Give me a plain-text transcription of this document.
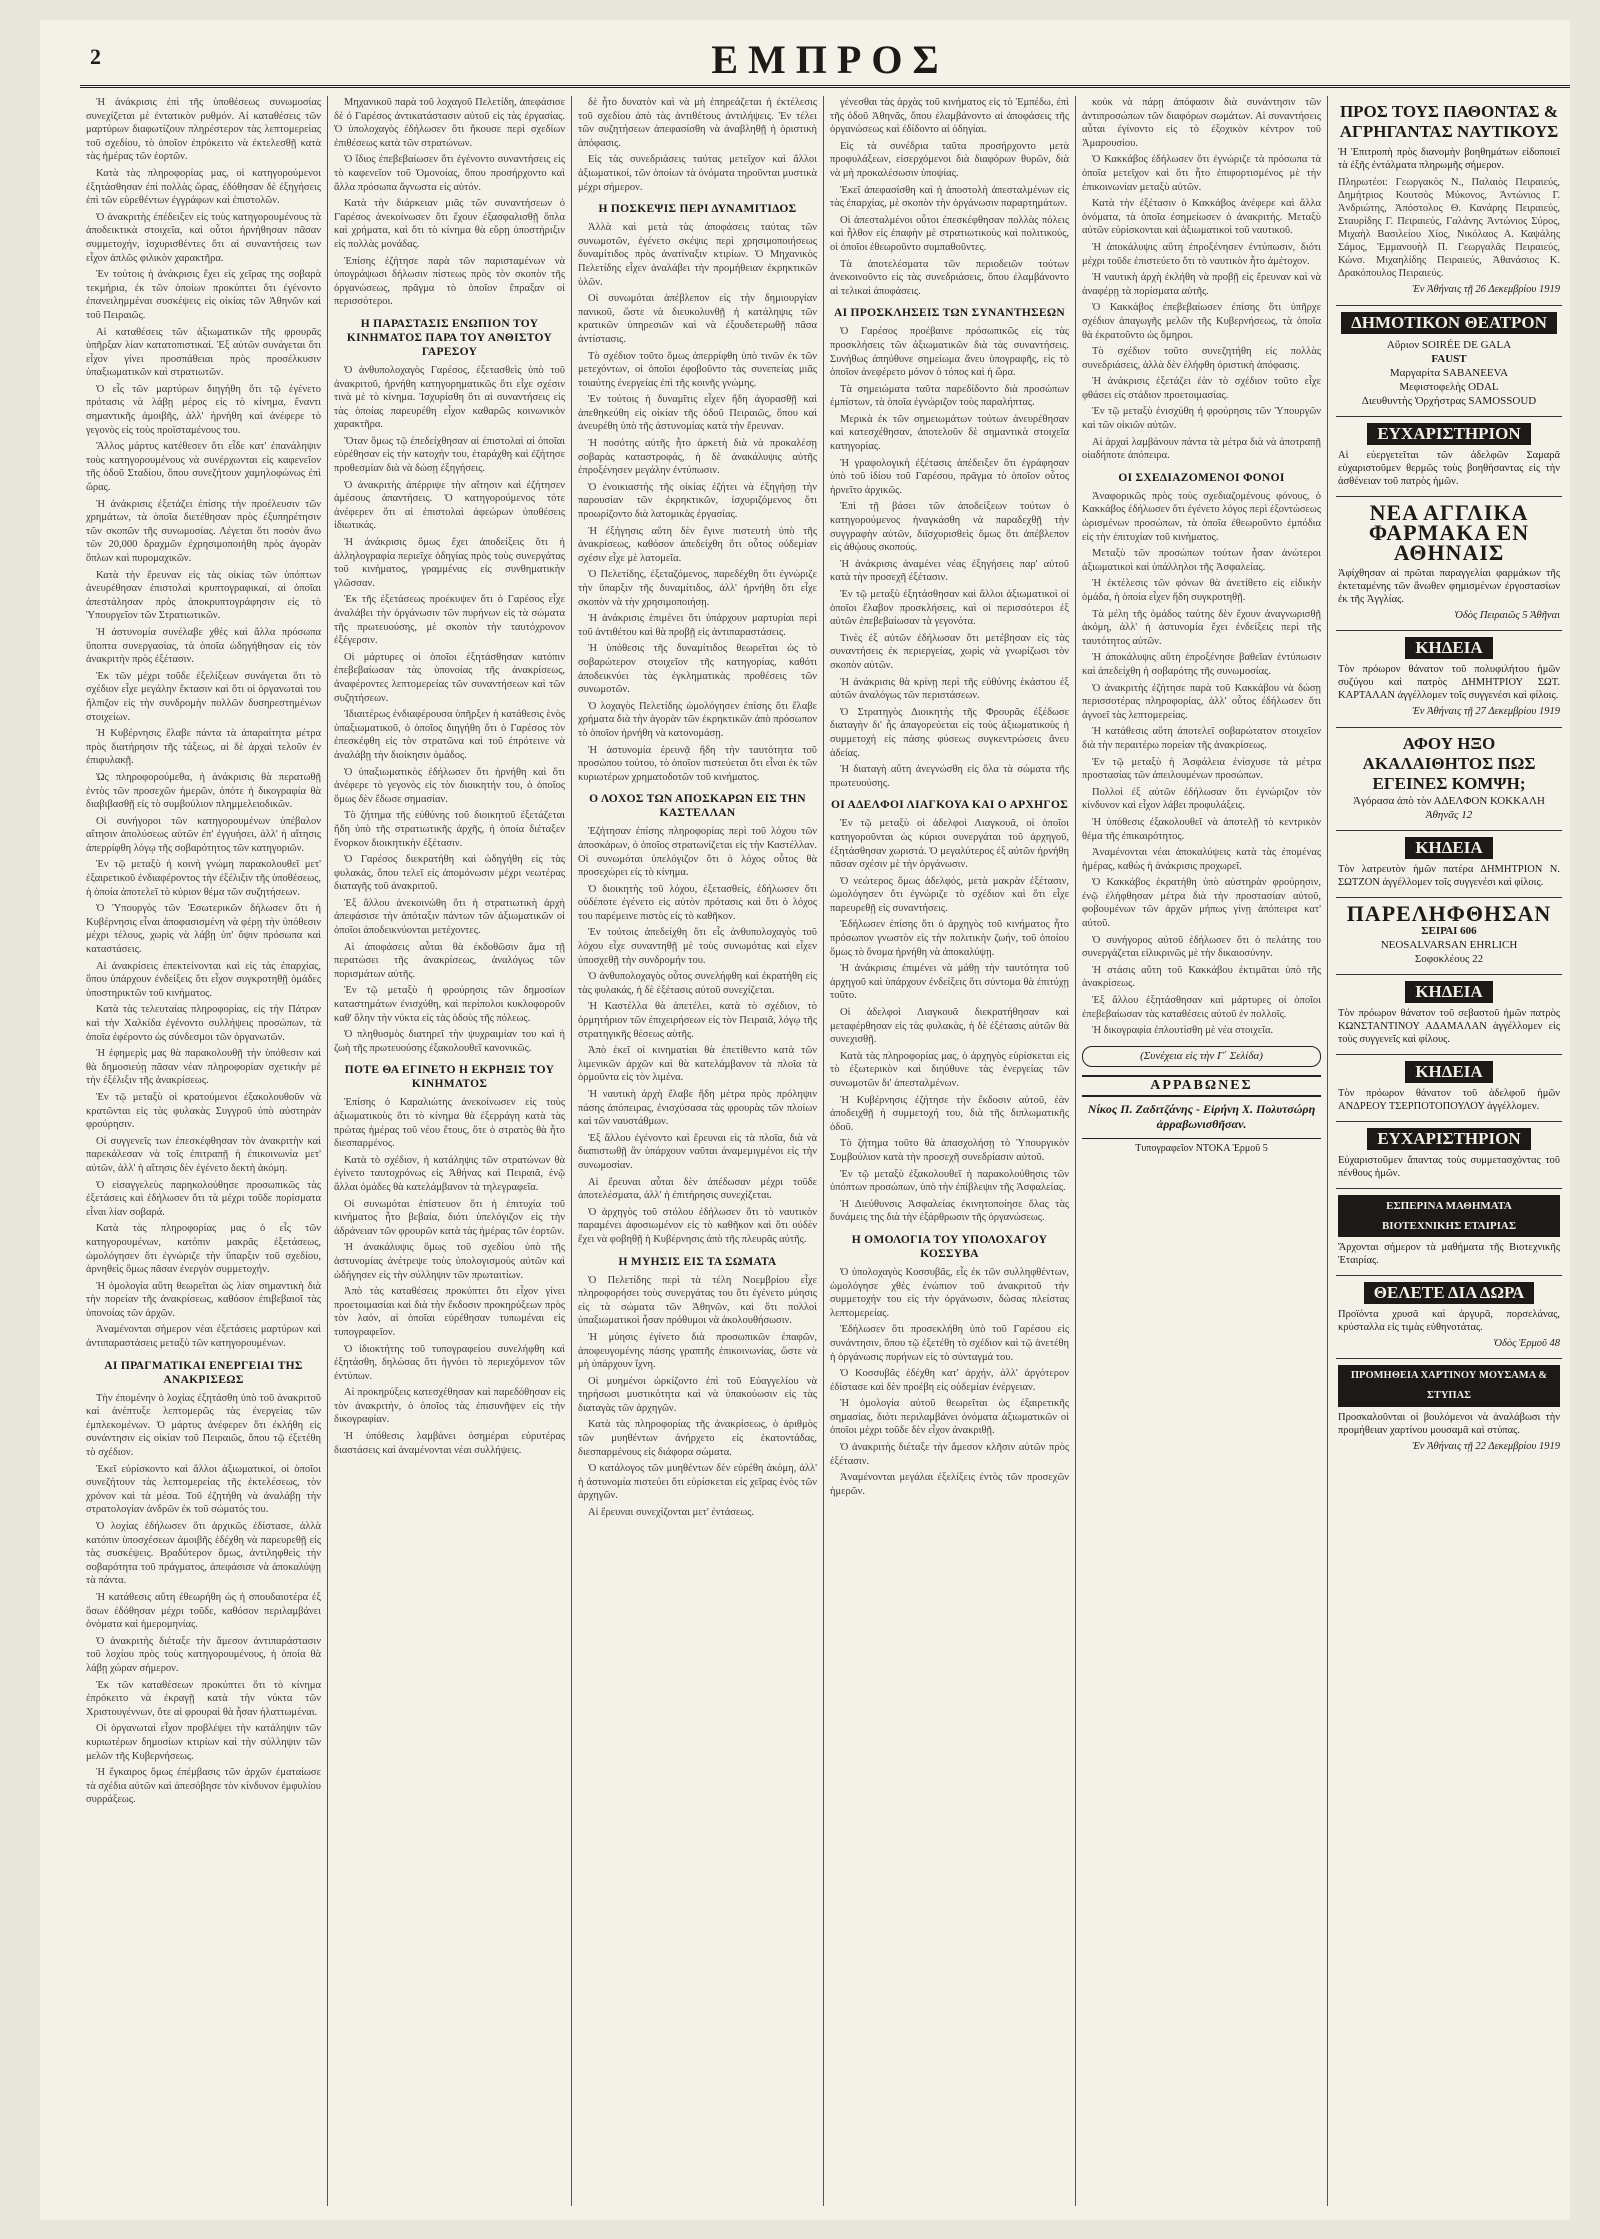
2	ΕΜΠΡΟΣ

Ἡ ἀνάκρισις ἐπὶ τῆς ὑποθέσεως συνωμοσίας συνεχίζεται μὲ ἐντατικὸν ρυθμόν. Αἱ καταθέσεις τῶν μαρτύρων διαφωτίζουν πληρέστερον τὰς λεπτομερείας τοῦ σχεδίου, τὸ ὁποῖον ἐπρόκειτο νὰ ἐκτελεσθῇ κατὰ τὰς ἡμέρας τῶν ἑορτῶν.

Κατὰ τὰς πληροφορίας μας, οἱ κατηγορούμενοι ἐξητάσθησαν ἐπὶ πολλὰς ὥρας, ἐδόθησαν δὲ ἐξηγήσεις ἐπὶ τῶν εὑρεθέντων ἐγγράφων καὶ ἐπιστολῶν.

Ὁ ἀνακριτὴς ἐπέδειξεν εἰς τοὺς κατηγορουμένους τὰ ἀποδεικτικὰ στοιχεῖα, καὶ οὗτοι ἠρνήθησαν πᾶσαν συμμετοχήν, ἰσχυρισθέντες ὅτι αἱ συναντήσεις των εἶχον ἀπλῶς φιλικὸν χαρακτῆρα.

Ἐν τούτοις ἡ ἀνάκρισις ἔχει εἰς χεῖρας της σοβαρὰ τεκμήρια, ἐκ τῶν ὁποίων προκύπτει ὅτι ἐγένοντο ἐπανειλημμέναι συσκέψεις εἰς οἰκίας τῶν Ἀθηνῶν καὶ τοῦ Πειραιῶς.

Αἱ καταθέσεις τῶν ἀξιωματικῶν τῆς φρουρᾶς ὑπῆρξαν λίαν κατατοπιστικαί. Ἐξ αὐτῶν συνάγεται ὅτι εἶχον γίνει προσπάθειαι πρὸς προσέλκυσιν ὑπαξιωματικῶν καὶ στρατιωτῶν.

Ὁ εἷς τῶν μαρτύρων διηγήθη ὅτι τῷ ἐγένετο πρότασις νὰ λάβῃ μέρος εἰς τὸ κίνημα, ἔναντι σημαντικῆς ἀμοιβῆς, ἀλλ' ἠρνήθη καὶ ἀνέφερε τὸ γεγονὸς εἰς τοὺς προϊσταμένους του.

Ἄλλος μάρτυς κατέθεσεν ὅτι εἶδε κατ' ἐπανάληψιν τοὺς κατηγορουμένους νὰ συνέρχωνται εἰς καφενεῖον τῆς ὁδοῦ Σταδίου, ὅπου συνεζήτουν χαμηλοφώνως ἐπὶ ὥρας.

Ἡ ἀνάκρισις ἐξετάζει ἐπίσης τὴν προέλευσιν τῶν χρημάτων, τὰ ὁποῖα διετέθησαν πρὸς ἐξυπηρέτησιν τῶν σκοπῶν τῆς συνωμοσίας. Λέγεται ὅτι ποσὸν ἄνω τῶν 20,000 δραχμῶν ἐχρησιμοποιήθη πρὸς ἀγορὰν ὅπλων καὶ πυρομαχικῶν.

Κατὰ τὴν ἔρευναν εἰς τὰς οἰκίας τῶν ὑπόπτων ἀνευρέθησαν ἐπιστολαὶ κρυπτογραφικαί, αἱ ὁποῖαι ἀπεστάλησαν πρὸς ἀποκρυπτογράφησιν εἰς τὸ Ὑπουργεῖον τῶν Στρατιωτικῶν.

Ἡ ἀστυνομία συνέλαβε χθὲς καὶ ἄλλα πρόσωπα ὕποπτα συνεργασίας, τὰ ὁποῖα ὡδηγήθησαν εἰς τὸν ἀνακριτὴν πρὸς ἐξέτασιν.

Ἐκ τῶν μέχρι τοῦδε ἐξελίξεων συνάγεται ὅτι τὸ σχέδιον εἶχε μεγάλην ἔκτασιν καὶ ὅτι οἱ ὀργανωταὶ του ἤλπιζον εἰς τὴν συνδρομὴν πολλῶν δυσηρεστημένων στοιχείων.

Ἡ Κυβέρνησις ἔλαβε πάντα τὰ ἀπαραίτητα μέτρα πρὸς διατήρησιν τῆς τάξεως, αἱ δὲ ἀρχαὶ τελοῦν ἐν ἐπιφυλακῇ.

Ὡς πληροφορούμεθα, ἡ ἀνάκρισις θὰ περατωθῇ ἐντὸς τῶν προσεχῶν ἡμερῶν, ὁπότε ἡ δικογραφία θὰ διαβιβασθῇ εἰς τὸ συμβούλιον πλημμελειοδικῶν.

Οἱ συνήγοροι τῶν κατηγορουμένων ὑπέβαλον αἴτησιν ἀπολύσεως αὐτῶν ἐπ' ἐγγυήσει, ἀλλ' ἡ αἴτησις ἀπερρίφθη λόγῳ τῆς σοβαρότητος τῶν κατηγοριῶν.

Ἐν τῷ μεταξὺ ἡ κοινὴ γνώμη παρακολουθεῖ μετ' ἐξαιρετικοῦ ἐνδιαφέροντος τὴν ἐξέλιξιν τῆς ὑποθέσεως, ἡ ὁποία ἀποτελεῖ τὸ κύριον θέμα τῶν συζητήσεων.

Ὁ Ὑπουργὸς τῶν Ἐσωτερικῶν δήλωσεν ὅτι ἡ Κυβέρνησις εἶναι ἀποφασισμένη νὰ φέρῃ τὴν ὑπόθεσιν μέχρι τέλους, χωρὶς νὰ λάβῃ ὑπ' ὄψιν πρόσωπα καὶ καταστάσεις.

Αἱ ἀνακρίσεις ἐπεκτείνονται καὶ εἰς τὰς ἐπαρχίας, ὅπου ὑπάρχουν ἐνδείξεις ὅτι εἶχον συγκροτηθῇ ὁμάδες ὑποστηρικτῶν τοῦ κινήματος.

Κατὰ τὰς τελευταίας πληροφορίας, εἰς τὴν Πάτραν καὶ τὴν Χαλκίδα ἐγένοντο συλλήψεις προσώπων, τὰ ὁποῖα ἐφέροντο ὡς σύνδεσμοι τῶν ὀργανωτῶν.

Ἡ ἐφημερὶς μας θὰ παρακολουθῇ τὴν ὑπόθεσιν καὶ θὰ δημοσιεύῃ πᾶσαν νέαν πληροφορίαν σχετικὴν μὲ τὴν ἐξέλιξιν τῆς ἀνακρίσεως.

Ἐν τῷ μεταξὺ οἱ κρατούμενοι ἐξακολουθοῦν νὰ κρατῶνται εἰς τὰς φυλακὰς Συγγροῦ ὑπὸ αὐστηρὰν φρούρησιν.

Οἱ συγγενεῖς των ἐπεσκέφθησαν τὸν ἀνακριτὴν καὶ παρεκάλεσαν νὰ τοῖς ἐπιτραπῇ ἡ ἐπικοινωνία μετ' αὐτῶν, ἀλλ' ἡ αἴτησις δὲν ἐγένετο δεκτὴ ἀκόμη.

Ὁ εἰσαγγελεὺς παρηκολούθησε προσωπικῶς τὰς ἐξετάσεις καὶ ἐδήλωσεν ὅτι τὰ μέχρι τοῦδε πορίσματα εἶναι λίαν σοβαρά.

Κατὰ τὰς πληροφορίας μας ὁ εἷς τῶν κατηγορουμένων, κατόπιν μακρᾶς ἐξετάσεως, ὡμολόγησεν ὅτι ἐγνώριζε τὴν ὕπαρξιν τοῦ σχεδίου, ἀρνηθεὶς ὅμως πᾶσαν ἐνεργὸν συμμετοχήν.

Ἡ ὁμολογία αὕτη θεωρεῖται ὡς λίαν σημαντικὴ διὰ τὴν πορείαν τῆς ἀνακρίσεως, καθόσον ἐπιβεβαιοῖ τὰς ὑπονοίας τῶν ἀρχῶν.

Ἀναμένονται σήμερον νέαι ἐξετάσεις μαρτύρων καὶ ἀντιπαραστάσεις μεταξὺ τῶν κατηγορουμένων.

ΑΙ ΠΡΑΓΜΑΤΙΚΑΙ ΕΝΕΡΓΕΙΑΙ ΤΗΣ ΑΝΑΚΡΙΣΕΩΣ

Τὴν ἐπομένην ὁ λοχίας ἐξητάσθη ὑπὸ τοῦ ἀνακριτοῦ καὶ ἀνέπτυξε λεπτομερῶς τὰς ἐνεργείας τῶν ἐμπλεκομένων. Ὁ μάρτυς ἀνέφερεν ὅτι ἐκλήθη εἰς συνάντησιν εἰς οἰκίαν τοῦ Πειραιῶς, ὅπου τῷ ἐξετέθη τὸ σχέδιον.

Ἐκεῖ εὑρίσκοντο καὶ ἄλλοι ἀξιωματικοί, οἱ ὁποῖοι συνεζήτουν τὰς λεπτομερείας τῆς ἐκτελέσεως, τὸν χρόνον καὶ τὰ μέσα. Τοῦ ἐζητήθη νὰ ἀναλάβῃ τὴν στρατολογίαν ἀνδρῶν ἐκ τοῦ σώματός του.

Ὁ λοχίας ἐδήλωσεν ὅτι ἀρχικῶς ἐδίστασε, ἀλλὰ κατόπιν ὑποσχέσεων ἀμοιβῆς ἐδέχθη νὰ παρευρεθῇ εἰς τὰς συσκέψεις. Βραδύτερον ὅμως, ἀντιληφθεὶς τὴν σοβαρότητα τοῦ πράγματος, ἀπεφάσισε νὰ ἀποκαλύψῃ τὰ πάντα.

Ἡ κατάθεσις αὕτη ἐθεωρήθη ὡς ἡ σπουδαιοτέρα ἐξ ὅσων ἐδόθησαν μέχρι τοῦδε, καθόσον περιλαμβάνει ὀνόματα καὶ ἡμερομηνίας.

Ὁ ἀνακριτὴς διέταξε τὴν ἄμεσον ἀντιπαράστασιν τοῦ λοχίου πρὸς τοὺς κατηγορουμένους, ἡ ὁποία θὰ λάβῃ χώραν σήμερον.

Ἐκ τῶν καταθέσεων προκύπτει ὅτι τὸ κίνημα ἐπρόκειτο νὰ ἐκραγῇ κατὰ τὴν νύκτα τῶν Χριστουγέννων, ὅτε αἱ φρουραὶ θὰ ἦσαν ἠλαττωμέναι.

Οἱ ὀργανωταὶ εἶχον προβλέψει τὴν κατάληψιν τῶν κυριωτέρων δημοσίων κτιρίων καὶ τὴν σύλληψιν τῶν μελῶν τῆς Κυβερνήσεως.

Ἡ ἔγκαιρος ὅμως ἐπέμβασις τῶν ἀρχῶν ἐματαίωσε τὰ σχέδια αὐτῶν καὶ ἀπεσόβησε τὸν κίνδυνον ἐμφυλίου συρράξεως.

Μηχανικοῦ παρὰ τοῦ λοχαγοῦ Πελετίδη, ἀπεφάσισε δὲ ὁ Γαρέσος ἀντικατάστασιν αὐτοῦ εἰς τὰς ἐργασίας. Ὁ ὑπολοχαγὸς ἐδήλωσεν ὅτι ἤκουσε περὶ σχεδίων ἐπιθέσεως κατὰ τῶν στρατώνων.

Ὁ ἴδιος ἐπεβεβαίωσεν ὅτι ἐγένοντο συναντήσεις εἰς τὸ καφενεῖον τοῦ Ὁμονοίας, ὅπου προσήρχοντο καὶ ἄλλα πρόσωπα ἄγνωστα εἰς αὐτόν.

Κατὰ τὴν διάρκειαν μιᾶς τῶν συναντήσεων ὁ Γαρέσος ἀνεκοίνωσεν ὅτι ἔχουν ἐξασφαλισθῇ ὅπλα καὶ χρήματα, καὶ ὅτι τὸ κίνημα θὰ εὕρῃ ὑποστήριξιν εἰς πολλὰς μονάδας.

Ἐπίσης ἐζήτησε παρὰ τῶν παρισταμένων νὰ ὑπογράψωσι δήλωσιν πίστεως πρὸς τὸν σκοπὸν τῆς ὀργανώσεως, πρᾶγμα τὸ ὁποῖον ἔπραξαν οἱ περισσότεροι.

Η ΠΑΡΑΣΤΑΣΙΣ ΕΝΩΠΙΟΝ ΤΟΥ ΚΙΝΗΜΑΤΟΣ ΠΑΡΑ ΤΟΥ ΑΝΘΙΣΤΟΥ ΓΑΡΕΣΟΥ

Ὁ ἀνθυπολοχαγὸς Γαρέσος, ἐξετασθεὶς ὑπὸ τοῦ ἀνακριτοῦ, ἠρνήθη κατηγορηματικῶς ὅτι εἶχε σχέσιν τινὰ μὲ τὸ κίνημα. Ἰσχυρίσθη ὅτι αἱ συναντήσεις εἰς τὰς ὁποίας παρευρέθη εἶχον καθαρῶς κοινωνικὸν χαρακτῆρα.

Ὅταν ὅμως τῷ ἐπεδείχθησαν αἱ ἐπιστολαὶ αἱ ὁποῖαι εὑρέθησαν εἰς τὴν κατοχήν του, ἐταράχθη καὶ ἐζήτησε προθεσμίαν διὰ νὰ δώσῃ ἐξηγήσεις.

Ὁ ἀνακριτὴς ἀπέρριψε τὴν αἴτησιν καὶ ἐζήτησεν ἀμέσους ἀπαντήσεις. Ὁ κατηγορούμενος τότε ἀνέφερεν ὅτι αἱ ἐπιστολαὶ ἀφεώρων ὑποθέσεις ἰδιωτικάς.

Ἡ ἀνάκρισις ὅμως ἔχει ἀποδείξεις ὅτι ἡ ἀλληλογραφία περιεῖχε ὁδηγίας πρὸς τοὺς συνεργάτας τοῦ κινήματος, γραμμένας εἰς συνθηματικὴν γλῶσσαν.

Ἐκ τῆς ἐξετάσεως προέκυψεν ὅτι ὁ Γαρέσος εἶχε ἀναλάβει τὴν ὀργάνωσιν τῶν πυρήνων εἰς τὰ σώματα τῆς πρωτευούσης, μὲ σκοπὸν τὴν ταυτόχρονον ἐξέγερσιν.

Οἱ μάρτυρες οἱ ὁποῖοι ἐξητάσθησαν κατόπιν ἐπεβεβαίωσαν τὰς ὑπονοίας τῆς ἀνακρίσεως, ἀναφέροντες λεπτομερείας τῶν συναντήσεων καὶ τῶν συζητήσεων.

Ἰδιαιτέρως ἐνδιαφέρουσα ὑπῆρξεν ἡ κατάθεσις ἑνὸς ὑπαξιωματικοῦ, ὁ ὁποῖος διηγήθη ὅτι ὁ Γαρέσος τὸν ἐπεσκέφθη εἰς τὸν στρατῶνα καὶ τοῦ ἐπρότεινε νὰ ἀναλάβῃ τὴν διοίκησιν ὁμάδος.

Ὁ ὑπαξιωματικὸς ἐδήλωσεν ὅτι ἠρνήθη καὶ ὅτι ἀνέφερε τὸ γεγονὸς εἰς τὸν διοικητήν του, ὁ ὁποῖος ὅμως δὲν ἔδωσε σημασίαν.

Τὸ ζήτημα τῆς εὐθύνης τοῦ διοικητοῦ ἐξετάζεται ἤδη ὑπὸ τῆς στρατιωτικῆς ἀρχῆς, ἡ ὁποία διέταξεν ἔνορκον διοικητικὴν ἐξέτασιν.

Ὁ Γαρέσος διεκρατήθη καὶ ὡδηγήθη εἰς τὰς φυλακάς, ὅπου τελεῖ εἰς ἀπομόνωσιν μέχρι νεωτέρας διαταγῆς τοῦ ἀνακριτοῦ.

Ἐξ ἄλλου ἀνεκοινώθη ὅτι ἡ στρατιωτικὴ ἀρχὴ ἀπεφάσισε τὴν ἀπόταξιν πάντων τῶν ἀξιωματικῶν οἱ ὁποῖοι ἀποδεικνύονται μετέχοντες.

Αἱ ἀποφάσεις αὗται θὰ ἐκδοθῶσιν ἅμα τῇ περατώσει τῆς ἀνακρίσεως, ἀναλόγως τῶν πορισμάτων αὐτῆς.

Ἐν τῷ μεταξὺ ἡ φρούρησις τῶν δημοσίων καταστημάτων ἐνισχύθη, καὶ περίπολοι κυκλοφοροῦν καθ' ὅλην τὴν νύκτα εἰς τὰς ὁδοὺς τῆς πόλεως.

Ὁ πληθυσμὸς διατηρεῖ τὴν ψυχραιμίαν του καὶ ἡ ζωὴ τῆς πρωτευούσης ἐξακολουθεῖ κανονικῶς.

ΠΟΤΕ ΘΑ ΕΓΙΝΕΤΟ Η ΕΚΡΗΞΙΣ ΤΟΥ ΚΙΝΗΜΑΤΟΣ

Ἐπίσης ὁ Καραλιώτης ἀνεκοίνωσεν εἰς τοὺς ἀξιωματικοὺς ὅτι τὸ κίνημα θὰ ἐξερράγη κατὰ τὰς πρώτας ἡμέρας τοῦ νέου ἔτους, ὅτε ὁ στρατὸς θὰ ἦτο διεσπαρμένος.

Κατὰ τὸ σχέδιον, ἡ κατάληψις τῶν στρατώνων θὰ ἐγίνετο ταυτοχρόνως εἰς Ἀθήνας καὶ Πειραιᾶ, ἐνῷ ἄλλαι ὁμάδες θὰ κατελάμβανον τὰ τηλεγραφεῖα.

Οἱ συνωμόται ἐπίστευον ὅτι ἡ ἐπιτυχία τοῦ κινήματος ἦτο βεβαία, διότι ὑπελόγιζον εἰς τὴν ἀδράνειαν τῶν φρουρῶν κατὰ τὰς ἡμέρας τῶν ἑορτῶν.

Ἡ ἀνακάλυψις ὅμως τοῦ σχεδίου ὑπὸ τῆς ἀστυνομίας ἀνέτρεψε τοὺς ὑπολογισμοὺς αὐτῶν καὶ ὡδήγησεν εἰς τὴν σύλληψιν τῶν πρωταιτίων.

Ἀπὸ τὰς καταθέσεις προκύπτει ὅτι εἶχον γίνει προετοιμασίαι καὶ διὰ τὴν ἔκδοσιν προκηρύξεων πρὸς τὸν λαόν, αἱ ὁποῖαι εὑρέθησαν τυπωμέναι εἰς τυπογραφεῖον.

Ὁ ἰδιοκτήτης τοῦ τυπογραφείου συνελήφθη καὶ ἐξητάσθη, δηλώσας ὅτι ἠγνόει τὸ περιεχόμενον τῶν ἐντύπων.

Αἱ προκηρύξεις κατεσχέθησαν καὶ παρεδόθησαν εἰς τὸν ἀνακριτήν, ὁ ὁποῖος τὰς ἐπισυνῆψεν εἰς τὴν δικογραφίαν.

Ἡ ὑπόθεσις λαμβάνει ὁσημέραι εὐρυτέρας διαστάσεις καὶ ἀναμένονται νέαι συλλήψεις.

δὲ ἦτο δυνατὸν καὶ νὰ μὴ ἐπηρεάζεται ἡ ἐκτέλεσις τοῦ σχεδίου ἀπὸ τὰς ἀντιθέτους ἀντιλήψεις. Ἐν τέλει τῶν συζητήσεων ἀπεφασίσθη νὰ ἀναβληθῇ ἡ ὁριστικὴ ἀπόφασις.

Εἰς τὰς συνεδριάσεις ταύτας μετεῖχον καὶ ἄλλοι ἀξιωματικοί, τῶν ὁποίων τὰ ὀνόματα τηροῦνται μυστικὰ μέχρι σήμερον.

Η ΠΟΣΚΕΨΙΣ ΠΕΡΙ ΔΥΝΑΜΙΤΙΔΟΣ

Ἀλλὰ καὶ μετὰ τὰς ἀποφάσεις ταύτας τῶν συνωμοτῶν, ἐγένετο σκέψις περὶ χρησιμοποιήσεως δυναμίτιδος πρὸς ἀνατίναξιν κτιρίων. Ὁ Μηχανικὸς Πελετίδης εἶχεν ἀναλάβει τὴν προμήθειαν ἐκρηκτικῶν ὑλῶν.

Οἱ συνωμόται ἀπέβλεπον εἰς τὴν δημιουργίαν πανικοῦ, ὥστε νὰ διευκολυνθῇ ἡ κατάληψις τῶν κρατικῶν ὑπηρεσιῶν καὶ νὰ ἐξουδετερωθῇ πᾶσα ἀντίστασις.

Τὸ σχέδιον τοῦτο ὅμως ἀπερρίφθη ὑπὸ τινῶν ἐκ τῶν μετεχόντων, οἱ ὁποῖοι ἐφοβοῦντο τὰς συνεπείας μιᾶς τοιαύτης ἐνεργείας ἐπὶ τῆς κοινῆς γνώμης.

Ἐν τούτοις ἡ δυναμῖτις εἶχεν ἤδη ἀγορασθῇ καὶ ἀπεθηκεύθη εἰς οἰκίαν τῆς ὁδοῦ Πειραιῶς, ὅπου καὶ ἀνευρέθη ὑπὸ τῆς ἀστυνομίας κατὰ τὴν ἔρευναν.

Ἡ ποσότης αὐτῆς ἦτο ἀρκετὴ διὰ νὰ προκαλέσῃ σοβαρὰς καταστροφάς, ἡ δὲ ἀνακάλυψις αὐτῆς ἐπροξένησεν μεγάλην ἐντύπωσιν.

Ὁ ἐνοικιαστὴς τῆς οἰκίας ἐζήτει νὰ ἐξηγήσῃ τὴν παρουσίαν τῶν ἐκρηκτικῶν, ἰσχυριζόμενος ὅτι προωρίζοντο διὰ λατομικὰς ἐργασίας.

Ἡ ἐξήγησις αὕτη δὲν ἔγινε πιστευτὴ ὑπὸ τῆς ἀνακρίσεως, καθόσον ἀπεδείχθη ὅτι οὗτος οὐδεμίαν σχέσιν εἶχε μὲ λατομεῖα.

Ὁ Πελετίδης, ἐξεταζόμενος, παρεδέχθη ὅτι ἐγνώριζε τὴν ὕπαρξιν τῆς δυναμίτιδος, ἀλλ' ἠρνήθη ὅτι εἶχε σκοπὸν νὰ τὴν χρησιμοποιήσῃ.

Ἡ ἀνάκρισις ἐπιμένει ὅτι ὑπάρχουν μαρτυρίαι περὶ τοῦ ἀντιθέτου καὶ θὰ προβῇ εἰς ἀντιπαραστάσεις.

Ἡ ὑπόθεσις τῆς δυναμίτιδος θεωρεῖται ὡς τὸ σοβαρώτερον στοιχεῖον τῆς κατηγορίας, καθότι ἀποδεικνύει τὰς ἐγκληματικὰς προθέσεις τῶν συνωμοτῶν.

Ὁ λοχαγὸς Πελετίδης ὡμολόγησεν ἐπίσης ὅτι ἔλαβε χρήματα διὰ τὴν ἀγορὰν τῶν ἐκρηκτικῶν ἀπὸ πρόσωπον τὸ ὁποῖον ἠρνήθη νὰ κατονομάσῃ.

Ἡ ἀστυνομία ἐρευνᾷ ἤδη τὴν ταυτότητα τοῦ προσώπου τούτου, τὸ ὁποῖον πιστεύεται ὅτι εἶναι ἐκ τῶν κυριωτέρων χρηματοδοτῶν τοῦ κινήματος.

Ο ΛΟΧΟΣ ΤΩΝ ΑΠΟΣΚΑΡΩΝ ΕΙΣ ΤΗΝ ΚΑΣΤΕΛΛΑΝ

Ἐζήτησαν ἐπίσης πληροφορίας περὶ τοῦ λόχου τῶν ἀποσκάρων, ὁ ὁποῖος στρατωνίζεται εἰς τὴν Καστέλλαν. Οἱ συνωμόται ὑπελόγιζον ὅτι ὁ λόχος οὗτος θὰ προσεχώρει εἰς τὸ κίνημα.

Ὁ διοικητὴς τοῦ λόχου, ἐξετασθείς, ἐδήλωσεν ὅτι οὐδέποτε ἐγένετο εἰς αὐτὸν πρότασις καὶ ὅτι ὁ λόχος του παρέμεινε πιστὸς εἰς τὸ καθῆκον.

Ἐν τούτοις ἀπεδείχθη ὅτι εἷς ἀνθυπολοχαγὸς τοῦ λόχου εἶχε συναντηθῇ μὲ τοὺς συνωμότας καὶ εἶχεν ὑποσχεθῇ τὴν συνδρομήν του.

Ὁ ἀνθυπολοχαγὸς οὗτος συνελήφθη καὶ ἐκρατήθη εἰς τὰς φυλακάς, ἡ δὲ ἐξέτασις αὐτοῦ συνεχίζεται.

Ἡ Καστέλλα θὰ ἀπετέλει, κατὰ τὸ σχέδιον, τὸ ὁρμητήριον τῶν ἐπιχειρήσεων εἰς τὸν Πειραιᾶ, λόγῳ τῆς στρατηγικῆς θέσεως αὐτῆς.

Ἀπὸ ἐκεῖ οἱ κινηματίαι θὰ ἐπετίθεντο κατὰ τῶν λιμενικῶν ἀρχῶν καὶ θὰ κατελάμβανον τὰ πλοῖα τὰ ὁρμοῦντα εἰς τὸν λιμένα.

Ἡ ναυτικὴ ἀρχὴ ἔλαβε ἤδη μέτρα πρὸς πρόληψιν πάσης ἀπόπειρας, ἐνισχύσασα τὰς φρουρὰς τῶν πλοίων καὶ τῶν ναυστάθμων.

Ἐξ ἄλλου ἐγένοντο καὶ ἔρευναι εἰς τὰ πλοῖα, διὰ νὰ διαπιστωθῇ ἂν ὑπάρχουν ναῦται ἀναμεμιγμένοι εἰς τὴν συνωμοσίαν.

Αἱ ἔρευναι αὗται δὲν ἀπέδωσαν μέχρι τοῦδε ἀποτελέσματα, ἀλλ' ἡ ἐπιτήρησις συνεχίζεται.

Ὁ ἀρχηγὸς τοῦ στόλου ἐδήλωσεν ὅτι τὸ ναυτικὸν παραμένει ἀφοσιωμένον εἰς τὸ καθῆκον καὶ ὅτι οὐδὲν ἔχει νὰ φοβηθῇ ἡ Κυβέρνησις ἀπὸ τῆς πλευρᾶς αὐτῆς.

Η ΜΥΗΣΙΣ ΕΙΣ ΤΑ ΣΩΜΑΤΑ

Ὁ Πελετίδης περὶ τὰ τέλη Νοεμβρίου εἶχε πληροφορήσει τοὺς συνεργάτας του ὅτι ἐγένετο μύησις εἰς τὰ σώματα τῶν Ἀθηνῶν, καὶ ὅτι πολλοὶ ὑπαξιωματικοὶ ἦσαν πρόθυμοι νὰ ἀκολουθήσωσιν.

Ἡ μύησις ἐγίνετο διὰ προσωπικῶν ἐπαφῶν, ἀποφευγομένης πάσης γραπτῆς ἐπικοινωνίας, ὥστε νὰ μὴ ὑπάρχουν ἴχνη.

Οἱ μυημένοι ὡρκίζοντο ἐπὶ τοῦ Εὐαγγελίου νὰ τηρήσωσι μυστικότητα καὶ νὰ ὑπακούωσιν εἰς τὰς διαταγὰς τῶν ἀρχηγῶν.

Κατὰ τὰς πληροφορίας τῆς ἀνακρίσεως, ὁ ἀριθμὸς τῶν μυηθέντων ἀνήρχετο εἰς ἑκατοντάδας, διεσπαρμένους εἰς διάφορα σώματα.

Ὁ κατάλογος τῶν μυηθέντων δὲν εὑρέθη ἀκόμη, ἀλλ' ἡ ἀστυνομία πιστεύει ὅτι εὑρίσκεται εἰς χεῖρας ἑνὸς τῶν ἀρχηγῶν.

Αἱ ἔρευναι συνεχίζονται μετ' ἐντάσεως.

γένεσθαι τὰς ἀρχὰς τοῦ κινήματος εἰς τὸ Ἐμπέδω, ἐπὶ τῆς ὁδοῦ Ἀθηνᾶς, ὅπου ἐλαμβάνοντο αἱ ἀποφάσεις τῆς ὀργανώσεως καὶ ἐδίδοντο αἱ ὁδηγίαι.

Εἰς τὰ συνέδρια ταῦτα προσήρχοντο μετὰ προφυλάξεων, εἰσερχόμενοι διὰ διαφόρων θυρῶν, διὰ νὰ μὴ προκαλέσωσιν ὑποψίας.

Ἐκεῖ ἀπεφασίσθη καὶ ἡ ἀποστολὴ ἀπεσταλμένων εἰς τὰς ἐπαρχίας, μὲ σκοπὸν τὴν ὀργάνωσιν παραρτημάτων.

Οἱ ἀπεσταλμένοι οὗτοι ἐπεσκέφθησαν πολλὰς πόλεις καὶ ἦλθον εἰς ἐπαφὴν μὲ στρατιωτικοὺς καὶ πολιτικούς, οἱ ὁποῖοι ἐθεωροῦντο συμπαθοῦντες.

Τὰ ἀποτελέσματα τῶν περιοδειῶν τούτων ἀνεκοινοῦντο εἰς τὰς συνεδριάσεις, ὅπου ἐλαμβάνοντο αἱ τελικαὶ ἀποφάσεις.

ΑΙ ΠΡΟΣΚΛΗΣΕΙΣ ΤΩΝ ΣΥΝΑΝΤΗΣΕΩΝ

Ὁ Γαρέσος προέβαινε πρόσωπικῶς εἰς τὰς προσκλήσεις τῶν ἀξιωματικῶν διὰ τὰς συναντήσεις. Συνήθως ἀπηύθυνε σημείωμα ἄνευ ὑπογραφῆς, εἰς τὸ ὁποῖον ἀνεφέρετο μόνον ὁ τόπος καὶ ἡ ὥρα.

Τὰ σημειώματα ταῦτα παρεδίδοντο διὰ προσώπων ἐμπίστων, τὰ ὁποῖα ἐγνώριζον τοὺς παραλήπτας.

Μερικὰ ἐκ τῶν σημειωμάτων τούτων ἀνευρέθησαν καὶ κατεσχέθησαν, ἀποτελοῦν δὲ σημαντικὰ στοιχεῖα κατηγορίας.

Ἡ γραφολογικὴ ἐξέτασις ἀπέδειξεν ὅτι ἐγράφησαν ὑπὸ τοῦ ἰδίου τοῦ Γαρέσου, πρᾶγμα τὸ ὁποῖον οὗτος ἠρνεῖτο ἀρχικῶς.

Ἐπὶ τῇ βάσει τῶν ἀποδείξεων τούτων ὁ κατηγορούμενος ἠναγκάσθη νὰ παραδεχθῇ τὴν συγγραφὴν αὐτῶν, διϊσχυρισθεὶς ὅμως ὅτι ἀπέβλεπον εἰς ἀθῴους σκοπούς.

Ἡ ἀνάκρισις ἀναμένει νέας ἐξηγήσεις παρ' αὐτοῦ κατὰ τὴν προσεχῆ ἐξέτασιν.

Ἐν τῷ μεταξὺ ἐξητάσθησαν καὶ ἄλλοι ἀξιωματικοὶ οἱ ὁποῖοι ἔλαβον προσκλήσεις, καὶ οἱ περισσότεροι ἐξ αὐτῶν ἐπεβεβαίωσαν τὰ γεγονότα.

Τινὲς ἐξ αὐτῶν ἐδήλωσαν ὅτι μετέβησαν εἰς τὰς συναντήσεις ἐκ περιεργείας, χωρὶς νὰ γνωρίζωσι τὸν σκοπὸν αὐτῶν.

Ἡ ἀνάκρισις θὰ κρίνῃ περὶ τῆς εὐθύνης ἑκάστου ἐξ αὐτῶν ἀναλόγως τῶν περιστάσεων.

Ὁ Στρατηγὸς Διοικητὴς τῆς Φρουρᾶς ἐξέδωσε διαταγὴν δι' ἧς ἀπαγορεύεται εἰς τοὺς ἀξιωματικοὺς ἡ συμμετοχὴ εἰς πάσης φύσεως συγκεντρώσεις ἄνευ ἀδείας.

Ἡ διαταγὴ αὕτη ἀνεγνώσθη εἰς ὅλα τὰ σώματα τῆς πρωτευούσης.

ΟΙ ΑΔΕΛΦΟΙ ΛΙΑΓΚΟΥΑ ΚΑΙ Ο ΑΡΧΗΓΟΣ

Ἐν τῷ μεταξὺ οἱ ἀδελφοὶ Λιαγκουᾶ, οἱ ὁποῖοι κατηγοροῦνται ὡς κύριοι συνεργάται τοῦ ἀρχηγοῦ, ἐξητάσθησαν χωριστά. Ὁ μεγαλύτερος ἐξ αὐτῶν ἠρνήθη πᾶσαν σχέσιν μὲ τὴν ὀργάνωσιν.

Ὁ νεώτερος ὅμως ἀδελφός, μετὰ μακρὰν ἐξέτασιν, ὡμολόγησεν ὅτι ἐγνώριζε τὸ σχέδιον καὶ ὅτι εἶχε παρευρεθῇ εἰς συναντήσεις.

Ἐδήλωσεν ἐπίσης ὅτι ὁ ἀρχηγὸς τοῦ κινήματος ἦτο πρόσωπον γνωστὸν εἰς τὴν πολιτικὴν ζωήν, τοῦ ὁποίου ὅμως τὸ ὄνομα ἠρνήθη νὰ ἀποκαλύψῃ.

Ἡ ἀνάκρισις ἐπιμένει νὰ μάθῃ τὴν ταυτότητα τοῦ ἀρχηγοῦ καὶ ὑπάρχουν ἐνδείξεις ὅτι σύντομα θὰ ἐπιτύχῃ τοῦτο.

Οἱ ἀδελφοὶ Λιαγκουᾶ διεκρατήθησαν καὶ μεταφέρθησαν εἰς τὰς φυλακὰς, ἡ δὲ ἐξέτασις αὐτῶν θὰ συνεχισθῇ.

Κατὰ τὰς πληροφορίας μας, ὁ ἀρχηγὸς εὑρίσκεται εἰς τὸ ἐξωτερικὸν καὶ διηύθυνε τὰς ἐνεργείας τῶν συνωμοτῶν δι' ἀπεσταλμένων.

Ἡ Κυβέρνησις ἐζήτησε τὴν ἔκδοσιν αὐτοῦ, ἐὰν ἀποδειχθῇ ἡ συμμετοχή του, διὰ τῆς διπλωματικῆς ὁδοῦ.

Τὸ ζήτημα τοῦτο θὰ ἀπασχολήσῃ τὸ Ὑπουργικὸν Συμβούλιον κατὰ τὴν προσεχῆ συνεδρίασιν αὐτοῦ.

Ἐν τῷ μεταξὺ ἐξακολουθεῖ ἡ παρακολούθησις τῶν ὑπόπτων προσώπων, ὑπὸ τὴν ἐπίβλεψιν τῆς Ἀσφαλείας.

Ἡ Διεύθυνσις Ἀσφαλείας ἐκινητοποίησε ὅλας τὰς δυνάμεις της διὰ τὴν ἐξάρθρωσιν τῆς ὀργανώσεως.

Η ΟΜΟΛΟΓΙΑ ΤΟΥ ΥΠΟΛΟΧΑΓΟΥ ΚΟΣΣΥΒΑ

Ὁ ὑπολοχαγὸς Κοσσυβᾶς, εἷς ἐκ τῶν συλληφθέντων, ὡμολόγησε χθὲς ἐνώπιον τοῦ ἀνακριτοῦ τὴν συμμετοχήν του εἰς τὴν ὀργάνωσιν, δώσας πλείστας λεπτομερείας.

Ἐδήλωσεν ὅτι προσεκλήθη ὑπὸ τοῦ Γαρέσου εἰς συνάντησιν, ὅπου τῷ ἐξετέθη τὸ σχέδιον καὶ τῷ ἀνετέθη ἡ ὀργάνωσις πυρήνων εἰς τὸ σύνταγμά του.

Ὁ Κοσσυβᾶς ἐδέχθη κατ' ἀρχήν, ἀλλ' ἀργότερον ἐδίστασε καὶ δὲν προέβη εἰς οὐδεμίαν ἐνέργειαν.

Ἡ ὁμολογία αὐτοῦ θεωρεῖται ὡς ἐξαιρετικῆς σημασίας, διότι περιλαμβάνει ὀνόματα ἀξιωματικῶν οἱ ὁποῖοι μέχρι τοῦδε δὲν εἶχον ἀνακριθῇ.

Ὁ ἀνακριτὴς διέταξε τὴν ἄμεσον κλῆσιν αὐτῶν πρὸς ἐξέτασιν.

Ἀναμένονται μεγάλαι ἐξελίξεις ἐντὸς τῶν προσεχῶν ἡμερῶν.

κοὐκ νὰ πάρῃ ἀπόφασιν διὰ συνάντησιν τῶν ἀντιπροσώπων τῶν διαφόρων σωμάτων. Αἱ συναντήσεις αὗται ἐγίνοντο εἰς τὸ ἐξοχικὸν κέντρον τοῦ Ἀμαρουσίου.

Ὁ Κακκάβος ἐδήλωσεν ὅτι ἐγνώριζε τὰ πρόσωπα τὰ ὁποῖα μετεῖχον καὶ ὅτι ἦτο ἐπιφορτισμένος μὲ τὴν ἐπικοινωνίαν μεταξὺ αὐτῶν.

Κατὰ τὴν ἐξέτασιν ὁ Κακκάβος ἀνέφερε καὶ ἄλλα ὀνόματα, τὰ ὁποῖα ἐσημείωσεν ὁ ἀνακριτής. Μεταξὺ αὐτῶν εὑρίσκονται καὶ ἀξιωματικοὶ τοῦ ναυτικοῦ.

Ἡ ἀποκάλυψις αὕτη ἐπροξένησεν ἐντύπωσιν, διότι μέχρι τοῦδε ἐπιστεύετο ὅτι τὸ ναυτικὸν ἦτο ἀμέτοχον.

Ἡ ναυτικὴ ἀρχὴ ἐκλήθη νὰ προβῇ εἰς ἔρευναν καὶ νὰ ἀναφέρῃ τὰ πορίσματα αὐτῆς.

Ὁ Κακκάβος ἐπεβεβαίωσεν ἐπίσης ὅτι ὑπῆρχε σχέδιον ἀπαγωγῆς μελῶν τῆς Κυβερνήσεως, τὰ ὁποῖα θὰ ἐκρατοῦντο ὡς ὅμηροι.

Τὸ σχέδιον τοῦτο συνεζητήθη εἰς πολλὰς συνεδριάσεις, ἀλλὰ δὲν ἐλήφθη ὁριστικὴ ἀπόφασις.

Ἡ ἀνάκρισις ἐξετάζει ἐὰν τὸ σχέδιον τοῦτο εἶχε φθάσει εἰς στάδιον προετοιμασίας.

Ἐν τῷ μεταξὺ ἐνισχύθη ἡ φρούρησις τῶν Ὑπουργῶν καὶ τῶν οἰκιῶν αὐτῶν.

Αἱ ἀρχαὶ λαμβάνουν πάντα τὰ μέτρα διὰ νὰ ἀποτραπῇ οἱαδήποτε ἀπόπειρα.

ΟΙ ΣΧΕΔΙΑΖΟΜΕΝΟΙ ΦΟΝΟΙ

Ἀναφορικῶς πρὸς τοὺς σχεδιαζομένους φόνους, ὁ Κακκάβος ἐδήλωσεν ὅτι ἐγένετο λόγος περὶ ἐξοντώσεως ὡρισμένων προσώπων, τὰ ὁποῖα ἐθεωροῦντο ἐμπόδια εἰς τὴν ἐπιτυχίαν τοῦ κινήματος.

Μεταξὺ τῶν προσώπων τούτων ἦσαν ἀνώτεροι ἀξιωματικοὶ καὶ ὑπάλληλοι τῆς Ἀσφαλείας.

Ἡ ἐκτέλεσις τῶν φόνων θὰ ἀνετίθετο εἰς εἰδικὴν ὁμάδα, ἡ ὁποία εἶχεν ἤδη συγκροτηθῇ.

Τὰ μέλη τῆς ὁμάδος ταύτης δὲν ἔχουν ἀναγνωρισθῇ ἀκόμη, ἀλλ' ἡ ἀστυνομία ἔχει ἐνδείξεις περὶ τῆς ταυτότητος αὐτῶν.

Ἡ ἀποκάλυψις αὕτη ἐπροξένησε βαθεῖαν ἐντύπωσιν καὶ ἀπεδείχθη ἡ σοβαρότης τῆς συνωμοσίας.

Ὁ ἀνακριτὴς ἐζήτησε παρὰ τοῦ Κακκάβου νὰ δώσῃ περισσοτέρας πληροφορίας, ἀλλ' οὗτος ἐδήλωσεν ὅτι ἀγνοεῖ τὰς λεπτομερείας.

Ἡ κατάθεσις αὕτη ἀποτελεῖ σοβαρώτατον στοιχεῖον διὰ τὴν περαιτέρω πορείαν τῆς ἀνακρίσεως.

Ἐν τῷ μεταξὺ ἡ Ἀσφάλεια ἐνίσχυσε τὰ μέτρα προστασίας τῶν ἀπειλουμένων προσώπων.

Πολλοὶ ἐξ αὐτῶν ἐδήλωσαν ὅτι ἐγνώριζον τὸν κίνδυνον καὶ εἶχον λάβει προφυλάξεις.

Ἡ ὑπόθεσις ἐξακολουθεῖ νὰ ἀποτελῇ τὸ κεντρικὸν θέμα τῆς ἐπικαιρότητος.

Ἀναμένονται νέαι ἀποκαλύψεις κατὰ τὰς ἐπομένας ἡμέρας, καθὼς ἡ ἀνάκρισις προχωρεῖ.

Ὁ Κακκάβος ἐκρατήθη ὑπὸ αὐστηρὰν φρούρησιν, ἐνῷ ἐλήφθησαν μέτρα διὰ τὴν προστασίαν αὐτοῦ, φοβουμένων τῶν ἀρχῶν μήπως γίνῃ ἀπόπειρα κατ' αὐτοῦ.

Ὁ συνήγορος αὐτοῦ ἐδήλωσεν ὅτι ὁ πελάτης του συνεργάζεται εἰλικρινῶς μὲ τὴν δικαιοσύνην.

Ἡ στάσις αὕτη τοῦ Κακκάβου ἐκτιμᾶται ὑπὸ τῆς ἀνακρίσεως.

Ἐξ ἄλλου ἐξητάσθησαν καὶ μάρτυρες οἱ ὁποῖοι ἐπεβεβαίωσαν τὰς καταθέσεις αὐτοῦ ἐν πολλοῖς.

Ἡ δικογραφία ἐπλουτίσθη μὲ νέα στοιχεῖα.

(Συνέχεια εἰς τὴν Γ΄ Σελίδα)
ΑΡΡΑΒΩΝΕΣ
Νίκος Π. Ζαδιτζάνης - Εἰρήνη Χ. Πολυτσώρη ἀρραβωνισθῆσαν.
Τυπογραφεῖον ΝΤΟΚΑ Ἑρμοῦ 5
ΠΡΟΣ ΤΟΥΣ ΠΑΘΟΝΤΑΣ & ΑΓΡΗΓΑΝΤΑΣ ΝΑΥΤΙΚΟΥΣ
Ἡ Ἐπιτροπὴ πρὸς διανομὴν βοηθημάτων εἰδοποιεῖ τὰ ἐξῆς ἐντάλματα πληρωμῆς σήμερον.
Πληρωτέοι: Γεωργακὸς Ν., Παλαιὸς Πειραιεύς, Δημήτριος Κουτσὸς Μύκονος, Ἀντώνιος Γ. Ἀνδριώτης, Ἀπόστολος Θ. Κανάρης Πειραιεύς, Σταυρίδης Γ. Πειραιεύς, Γαλάνης Ἀντώνιος Σύρος, Μιχαὴλ Βασιλείου Χίος, Νικόλαος Α. Καψάλης Σάμος, Ἐμμανουὴλ Π. Γεωργαλᾶς Πειραιεύς, Κώνσ. Μιχαηλίδης Πειραιεύς, Ἀθανάσιος Κ. Δρακόπουλος Πειραιεύς.
Ἐν Ἀθήναις τῇ 26 Δεκεμβρίου 1919
ΔΗΜΟΤΙΚΟΝ ΘΕΑΤΡΟΝ
Αὔριον SOIRÉE DE GALA
FAUST
Μαργαρίτα SABANEEVA
Μεφιστοφελὴς ODAL
Διευθυντὴς Ὀρχήστρας SAMOSSOUD
ΕΥΧΑΡΙΣΤΗΡΙΟΝ
Αἱ εὐεργετεῖται τῶν ἀδελφῶν Σαμαρᾶ εὐχαριστοῦμεν θερμῶς τοὺς βοηθήσαντας εἰς τὴν ἀσθένειαν τοῦ πατρὸς ἡμῶν.
ΝΕΑ ΑΓΓΛΙΚΑ ΦΑΡΜΑΚΑ ΕΝ ΑΘΗΝΑΙΣ
Ἀφίχθησαν αἱ πρῶται παραγγελίαι φαρμάκων τῆς ἐκτεταμένης τῶν ἄνωθεν φημισμένων ἐργοστασίων ἐκ τῆς Ἀγγλίας.
Ὁδὸς Πειραιῶς 5 Ἀθῆναι
ΚΗΔΕΙΑ
Τὸν πρόωρον θάνατον τοῦ πολυφιλήτου ἡμῶν συζύγου καὶ πατρὸς ΔΗΜΗΤΡΙΟΥ ΣΩΤ. ΚΑΡΤΑΛΑΝ ἀγγέλλομεν τοῖς συγγενέσι καὶ φίλοις.
Ἐν Ἀθήναις τῇ 27 Δεκεμβρίου 1919
ΑΦΟΥ ΗΞΟ ΑΚΑΛΑΙΘΗΤΟΣ ΠΩΣ ΕΓΕΙΝΕΣ ΚΟΜΨΗ;
Ἀγόρασα ἀπὸ τὸν ΑΔΕΛΦΟΝ ΚΟΚΚΑΛΗ
Ἀθηνᾶς 12
ΚΗΔΕΙΑ
Τὸν λατρευτὸν ἡμῶν πατέρα ΔΗΜΗΤΡΙΟΝ Ν. ΣΩΤΖΟΝ ἀγγέλλομεν τοῖς συγγενέσι καὶ φίλοις.
ΠΑΡΕΛΗΦΘΗΣΑΝ
ΣΕΙΡΑΙ 606
NEOSALVARSAN EHRLICH
Σοφοκλέους 22
ΚΗΔΕΙΑ
Τὸν πρόωρον θάνατον τοῦ σεβαστοῦ ἡμῶν πατρὸς ΚΩΝΣΤΑΝΤΙΝΟΥ ΑΔΑΜΑΛΑΝ ἀγγέλλομεν εἰς τοὺς συγγενεῖς καὶ φίλους.
ΚΗΔΕΙΑ
Τὸν πρόωρον θάνατον τοῦ ἀδελφοῦ ἡμῶν ΑΝΔΡΕΟΥ ΤΣΕΡΠΟΤΟΠΟΥΛΟΥ ἀγγέλλομεν.
ΕΥΧΑΡΙΣΤΗΡΙΟΝ
Εὐχαριστοῦμεν ἅπαντας τοὺς συμμετασχόντας τοῦ πένθους ἡμῶν.
ΕΣΠΕΡΙΝΑ ΜΑΘΗΜΑΤΑ ΒΙΟΤΕΧΝΙΚΗΣ ΕΤΑΙΡΙΑΣ
Ἄρχονται σήμερον τὰ μαθήματα τῆς Βιοτεχνικῆς Ἑταιρίας.
ΘΕΛΕΤΕ ΔΙΑ ΔΩΡΑ
Προϊόντα χρυσᾶ καὶ ἀργυρᾶ, πορσελάνας, κρύσταλλα εἰς τιμὰς εὐθηνοτάτας.
Ὁδὸς Ἑρμοῦ 48
ΠΡΟΜΗΘΕΙΑ ΧΑΡΤΙΝΟΥ ΜΟΥΣΑΜΑ & ΣΤΥΠΑΣ
Προσκαλοῦνται οἱ βουλόμενοι νὰ ἀναλάβωσι τὴν προμήθειαν χαρτίνου μουσαμᾶ καὶ στύπας.
Ἐν Ἀθήναις τῇ 22 Δεκεμβρίου 1919
